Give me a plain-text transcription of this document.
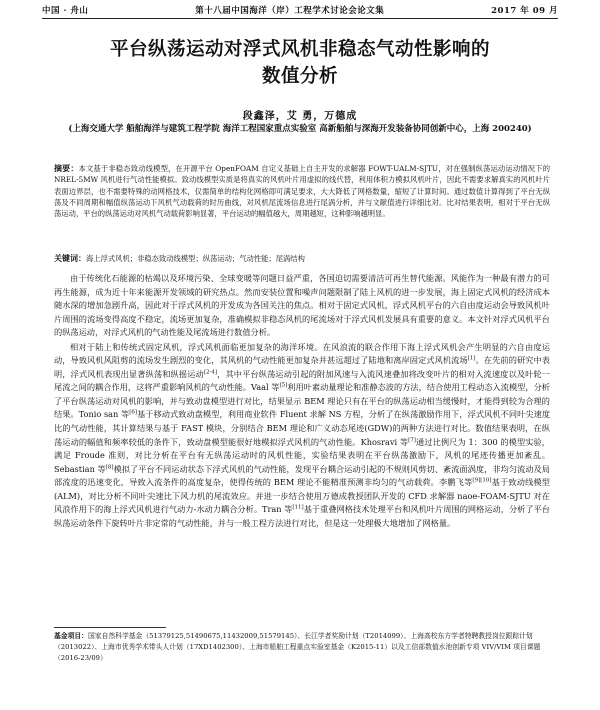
中国 · 舟山	第十八届中国海洋（岸）工程学术讨论会论文集	2017 年 09 月
平台纵荡运动对浮式风机非稳态气动性影响的
数值分析
段鑫泽，艾 勇，万德成
(上海交通大学 船舶海洋与建筑工程学院 海洋工程国家重点实验室 高新船舶与深海开发装备协同创新中心，上海 200240)
摘要：本文基于非稳态致动线模型，在开源平台 OpenFOAM 自定义基础上自主开发的求解器 FOWT-UALM-SJTU，对在强制纵荡运动运动情况下的 NREL-5MW 风机进行气动性能模拟。致动线模型实质是将真实的风机叶片用虚拟的线代替，利用体积力模拟风机叶片，因此不需要求解真实的风机叶片表面边界层，也不需要特殊的动网格技术，仅需简单的结构化网格即可满足要求，大大降低了网格数量，缩短了计算时间。通过数值计算得到了平台无纵荡及不同周期和幅值纵荡运动下风机气动载荷的时历曲线，对风机尾流场信息进行尾涡分析，并与文献值进行详细比对。比对结果表明，相对于平台无纵荡运动，平台的纵荡运动对风机气动载荷影响显著，平台运动的幅值越大，周期越短，这种影响越明显。
关键词：海上浮式风机；非稳态致动线模型；纵荡运动；气动性能；尾涡结构

由于传统化石能源的枯竭以及环境污染、全球变暖等问题日益严重，各国迫切需要清洁可再生替代能源。风能作为一种最有潜力的可再生能源，成为近十年来能源开发领域的研究热点。然而安装位置和噪声问题限制了陆上风机的进一步发展，海上固定式风机的经济成本随水深的增加急剧升高，因此对于浮式风机的开发成为各国关注的焦点。相对于固定式风机，浮式风机平台的六自由度运动会导致风机叶片周围的流场变得高度不稳定，流场更加复杂，准确模拟非稳态风机的尾流场对于浮式风机发展具有重要的意义。本文针对浮式风机平台的纵荡运动，对浮式风机的气动性能及尾流场进行数值分析。

相对于陆上和传统式固定风机，浮式风机面临更加复杂的海洋环境。在风浪流的联合作用下海上浮式风机会产生明显的六自由度运动，导致风机风阻剪的流场发生剧烈的变化，其风机的气动性能更加复杂并甚远超过了陆地和离岸固定式风机流场[1]。在先前的研究中表明，浮式风机表现出显著纵荡和纵摇运动[2-4]，其中平台纵荡运动引起的附加风速与入流风速叠加将改变叶片的相对入流速度以及叶轮一尾流之间的耦合作用，这将严重影响风机的气动性能。Vaal 等[5]利用叶素动量理论和准静态波的方法，结合使用工程动态入流模型，分析了平台纵荡运动对风机的影响，并与致动盘模型进行对比，结果显示 BEM 理论只有在平台的纵荡运动相当缓慢时，才能得到较为合理的结果。Tonio san 等[6]基于移动式致动盘模型，利用商业软件 Fluent 求解 NS 方程，分析了在纵荡激励作用下，浮式风机不同叶尖速度比的气动性能，其计算结果与基于 FAST 模块，分别结合 BEM 理论和广义动态尾迹(GDW)的两种方法进行对比。数值结果表明，在纵荡运动的幅值和频率较低的条件下，致动盘模型能很好地模拟浮式风机的气动性能。Khosravi 等[7]通过比例尺为 1：300 的模型实验，满足 Froude 准则，对比分析在平台有无纵荡运动时的风机性能，实验结果表明在平台纵荡激励下，风机的尾迹传播更加紊乱。Sebastian 等[8]模拟了平台不同运动状态下浮式风机的气动性能，发现平台耦合运动引起的不规则风剪切、紊流面涡度，非均匀流动及局部流度的迅速变化，导致入流条件的高度复杂，使得传统的 BEM 理论不能精准预测非均匀的气动载荷。李鹏飞等[9][10]基于致动线模型(ALM)，对比分析不同叶尖速比下风力机的尾流效应。并进一步结合使用万德成教授团队开发的 CFD 求解器 naoe-FOAM-SJTU 对在风浪作用下的海上浮式风机进行气动力-水动力耦合分析。Tran 等[11]基于重叠网格技术处理平台和风机叶片周围的网格运动，分析了平台纵荡运动条件下旋转叶片非定常的气动性能，并与一般工程方法进行对比，但是这一处理极大地增加了网格量。

基金项目：国家自然科学基金（51379125,51490675,11432009,51579145）、长江学者奖励计划（T2014099）、上海高校东方学者特聘教授岗位跟踪计划（2013022）、上海市优秀学术带头人计划（17XD1402300）、上海市船舶工程重点实验室基金（K2015-11）以及工信部数值水池创新专项 VIV/VIM 项目课题（2016-23/09）
